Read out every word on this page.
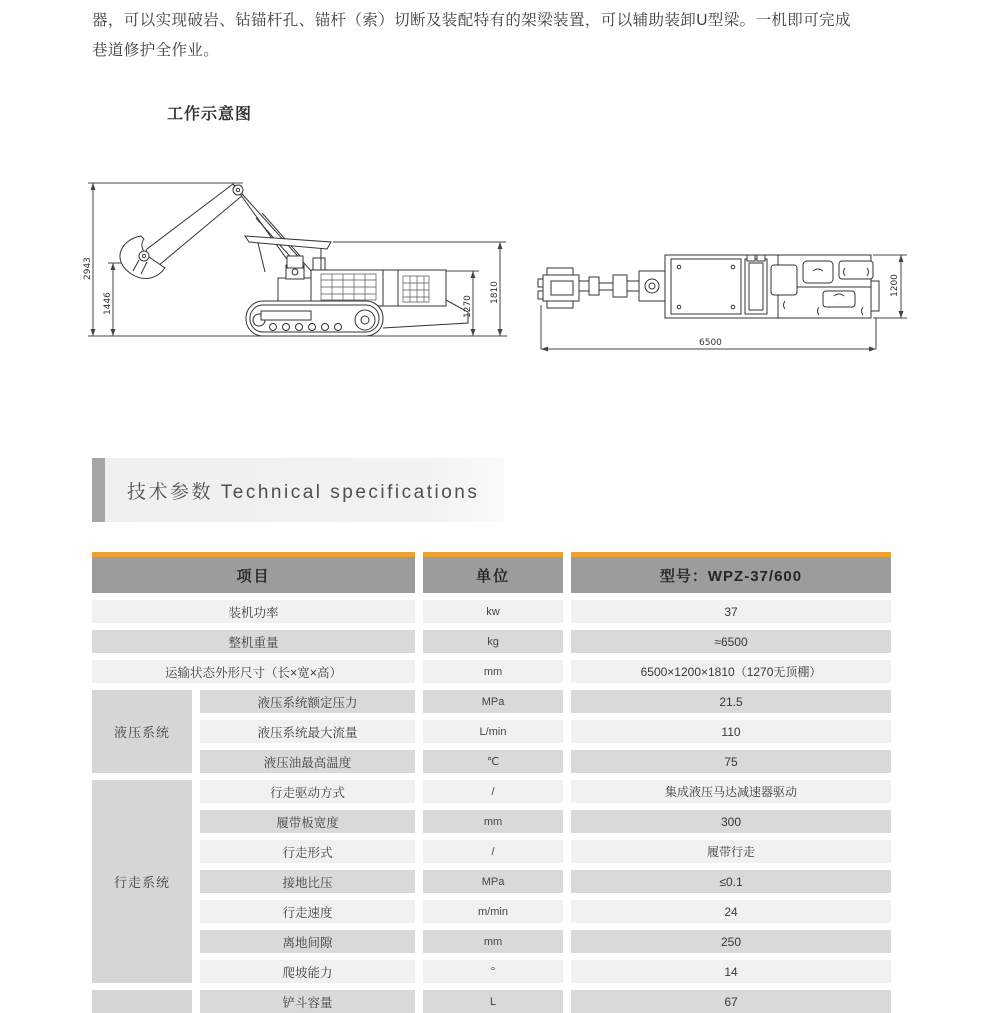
器，可以实现破岩、钻锚杆孔、锚杆（索）切断及装配特有的架梁装置，可以辅助装卸U型梁。一机即可完成
巷道修护全作业。
工作示意图
2943
1446	1270
1810
6500
1200
技术参数 Technical specifications
项目	单位	型号：WPZ-37/600
装机功率	kw	37
整机重量	kg	≈6500
运输状态外形尺寸（长×宽×高）	mm	6500×1200×1810（1270无顶棚）
液压系统
液压系统额定压力	MPa	21.5
液压系统最大流量	L/min	110
液压油最高温度	℃	75
行走系统
行走驱动方式	/	集成液压马达减速器驱动
履带板宽度	mm	300
行走形式	/	履带行走
接地比压	MPa	≤0.1
行走速度	m/min	24
离地间隙	mm	250
爬坡能力	°	14
铲斗容量	L	67
